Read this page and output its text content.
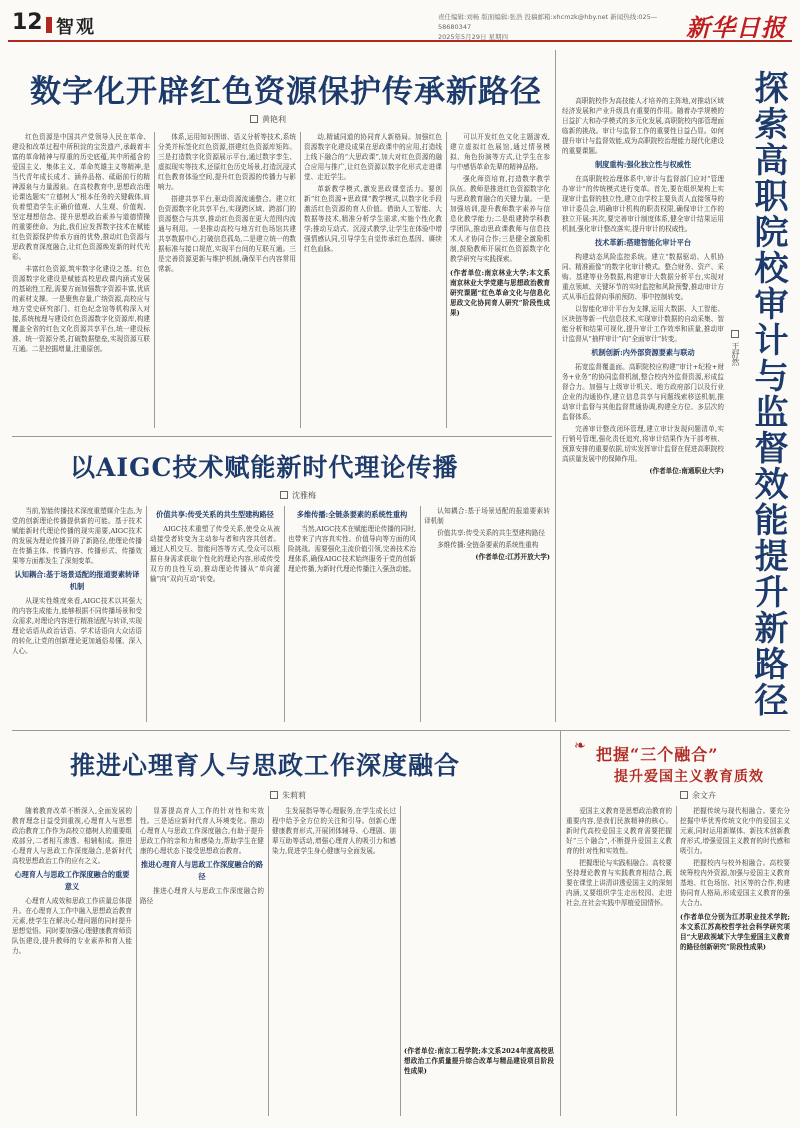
12 智观	责任编辑:刘畅 版面编辑:张浩 投稿邮箱:xhcmzk@hby.net 新闻热线:025—58680347
2025年5月29日 星期四	新华日报
数字化开辟红色资源保护传承新路径
黄艳利

红色资源是中国共产党领导人民在革命、建设和改革过程中所积淀的宝贵遗产,承载着丰富的革命精神与厚重的历史底蕴,其中所蕴含的爱国主义、集体主义、革命英雄主义等精神,是当代青年成长成才、涵养品格、砥砺前行的精神源泉与力量源泉。在高校教育中,思想政治理论课选题实“立德树人”根本任务的关键载体,肩负着塑造学生正确价值观、人生观、价值观、坚定理想信念、提升思想政治素养与道德情操的重要使命。为此,我们应发挥数字技术在赋能红色资源保护传承方面的优势,推动红色资源与思政教育深度融合,让红色资源焕发新的时代光彩。

丰富红色资源,筑牢数字化建设之基。红色资源数字化建设是赋能高校思政课内涵式发展的基础性工程,需要方面加强数字资源丰富,优质的素材支撑。一是聚焦存量,广纳资源,高校应与地方党史研究部门、红色纪念馆等机构深入对接,系统梳理与建设红色资源数字化资源库,构建覆盖全省的红色文化资源共享平台,统一建设标准、统一资源分类,打破数据壁垒,实现资源互联互通。二是挖掘增量,注重原创。

体系,运用知识图谱、语义分析等技术,系统分类并标签化红色资源,搭建红色资源库矩阵。三是打造数字化资源展示平台,通过数字孪生、虚拟现实等技术,还原红色历史场景,打造沉浸式红色教育体验空间,提升红色资源的传播力与影响力。

搭建共享平台,驱动资源流通整合。建立红色资源数字化共享平台,实现跨区域、跨部门的资源整合与共享,推动红色资源在更大范围内流通与利用。一是推动高校与地方红色场馆共建共享数据中心,打破信息孤岛,二是建立统一的数据标准与接口规范,实现平台间的互联互通。三是完善资源更新与维护机制,确保平台内容常用常新。

动,精诚同道的协同育人新格局。加强红色资源数字化建设成果在思政课中的应用,打造线上线下融合的“大思政课”,加大对红色资源的融合应用与推广,让红色资源以数字化形式走进课堂、走近学生。

革新教学模式,激发思政课堂活力。要创新“红色资源+思政课”教学模式,以数字化手段激活红色资源的育人价值。借助人工智能、大数据等技术,精准分析学生需求,实施个性化教学;推动互动式、沉浸式教学,让学生在体验中增强情感认同,引导学生自觉传承红色基因、赓续红色血脉。

可以开发红色文化主题游戏,建立虚拟红色展馆,通过情景模拟、角色扮演等方式,让学生在参与中感悟革命先辈的精神品格。

强化师资培育,打造数字教学队伍。教师是推进红色资源数字化与思政教育融合的关键力量。一是加强培训,提升教师数字素养与信息化教学能力;二是组建跨学科教学团队,推动思政课教师与信息技术人才协同合作;三是健全激励机制,鼓励教师开展红色资源数字化教学研究与实践探索。

(作者单位:南京林业大学;本文系南京林业大学党建与思想政治教育研究课题“红色革命文化与信息化思政文化协同育人研究”阶段性成果)	探索高职院校审计与监督效能提升新路径
王舒然

高职院校作为高技能人才培养的主阵地,对推动区域经济发展和产业升级具有重要的作用。随着办学规模的日益扩大和办学模式的多元化发展,高职院校内部管理面临新的挑战。审计与监督工作的重要性日益凸显。如何提升审计与监督效能,成为高职院校治理能力现代化建设的重要课题。

制度重构:强化独立性与权威性

在高职院校治理体系中,审计与监督部门应对“管理办审计”的传统模式进行变革。首先,要在组织架构上实现审计监督的独立性,建立由学校主要负责人直接领导的审计委员会,明确审计机构的职责权限,确保审计工作的独立开展;其次,要完善审计制度体系,健全审计结果运用机制,强化审计整改落实,提升审计的权威性。

技术革新:搭建智能化审计平台

构建动态风险监控系统。建立“数据驱动、人机协同、精准画像”的数字化审计模式。整合财务、资产、采购、基建等业务数据,构建审计大数据分析平台,实现对重点领域、关键环节的实时监控和风险预警,推动审计方式从事后监督向事前预防、事中控制转变。

以智能化审计平台为支撑,运用大数据、人工智能、区块链等新一代信息技术,实现审计数据的自动采集、智能分析和结果可视化,提升审计工作效率和质量,推动审计监督从“抽样审计”向“全面审计”转变。

机制创新:内外部资源要素与联动

拓宽监督覆盖面。高职院校应构建“审计+纪检+财务+业务”的协同监督机制,整合校内外监督资源,形成监督合力。加强与上级审计机关、地方政府部门以及行业企业的沟通协作,建立信息共享与问题线索移送机制,推动审计监督与其他监督贯通协调,构建全方位、多层次的监督体系。

完善审计整改闭环管理,建立审计发现问题清单,实行销号管理,强化责任追究,将审计结果作为干部考核、预算安排的重要依据,切实发挥审计监督在促进高职院校高质量发展中的保障作用。

(作者单位:南通职业大学)

以AIGC技术赋能新时代理论传播
沈雅梅

当前,智能传播技术深度重塑媒介生态,为党的创新理论传播提供新的可能。基于技术赋能新时代理论传播的现实需要,AIGC技术的发展为理论传播开辟了新路径,使理论传播在传播主体、传播内容、传播形式、传播效果等方面都发生了深刻变革。

认知耦合:基于场景适配的报道要素转译机制

从现实性维度来看,AIGC技术以其强大的内容生成能力,能够根据不同传播场景和受众需求,对理论内容进行精准适配与转译,实现理论话语从政治话语、学术话语向大众话语的转化,让党的创新理论更加通俗易懂、深入人心。

价值共享:传受关系的共生型建构路径

AIGC技术重塑了传受关系,使受众从被动接受者转变为主动参与者和内容共创者。通过人机交互、智能问答等方式,受众可以根据自身需求获取个性化的理论内容,形成传受双方的良性互动,推动理论传播从“单向灌输”向“双向互动”转变。

多维传播:全链条要素的系统性重构

当然,AIGC技术在赋能理论传播的同时,也带来了内容真实性、价值导向等方面的风险挑战。需要强化主流价值引领,完善技术治理体系,确保AIGC技术始终服务于党的创新理论传播,为新时代理论传播注入强劲动能。

认知耦合:基于场景适配的报道要素转译机制

价值共享:传受关系的共生型建构路径

多维传播:全链条要素的系统性重构

(作者单位:江苏开放大学)

推进心理育人与思政工作深度融合
朱莉莉

随着教育改革不断深入,全面发展的教育理念日益受到重视,心理育人与思想政治教育工作作为高校立德树人的重要组成部分,二者相互渗透、相辅相成。推进心理育人与思政工作深度融合,是新时代高校思想政治工作的应有之义。

心理育人与思政工作深度融合的重要意义

心理育人成效和思政工作质量总体提升。在心理育人工作中融入思想政治教育元素,使学生在解决心理问题的同时提升思想觉悟。同时要加强心理健康教育师资队伍建设,提升教师的专业素养和育人能力。

显著提高育人工作的针对性和实效性。三是适应新时代育人环境变化。推动心理育人与思政工作深度融合,有助于提升思政工作的亲和力和感染力,帮助学生在健康的心理状态下接受思想政治教育。

推进心理育人与思政工作深度融合的路径

推进心理育人与思政工作深度融合的路径

生发展指导等心理服务,在学生成长过程中给予全方位的关注和引导。创新心理健康教育形式,开展团体辅导、心理剧、朋辈互助等活动,增强心理育人的吸引力和感染力,促进学生身心健康与全面发展。

(作者单位:南京工程学院;本文系2024年度高校思想政治工作质量提升综合改革与精品建设项目阶段性成果)

❧ 把握“三个融合”
提升爱国主义教育质效
余文卉

爱国主义教育是思想政治教育的重要内容,是我们民族精神的核心。新时代高校爱国主义教育需要把握好“三个融合”,不断提升爱国主义教育的针对性和实效性。

把握理论与实践相融合。高校要坚持理论教育与实践教育相结合,既要在课堂上讲清讲透爱国主义的深刻内涵,又要组织学生走出校园、走进社会,在社会实践中厚植爱国情怀。

把握传统与现代相融合。要充分挖掘中华优秀传统文化中的爱国主义元素,同时运用新媒体、新技术创新教育形式,增强爱国主义教育的时代感和吸引力。

把握校内与校外相融合。高校要统筹校内外资源,加强与爱国主义教育基地、红色场馆、社区等的合作,构建协同育人格局,形成爱国主义教育的强大合力。

(作者单位分别为江苏职业技术学院;本文系江苏高校哲学社会科学研究项目“大思政视域下大学生爱国主义教育的路径创新研究”阶段性成果)
